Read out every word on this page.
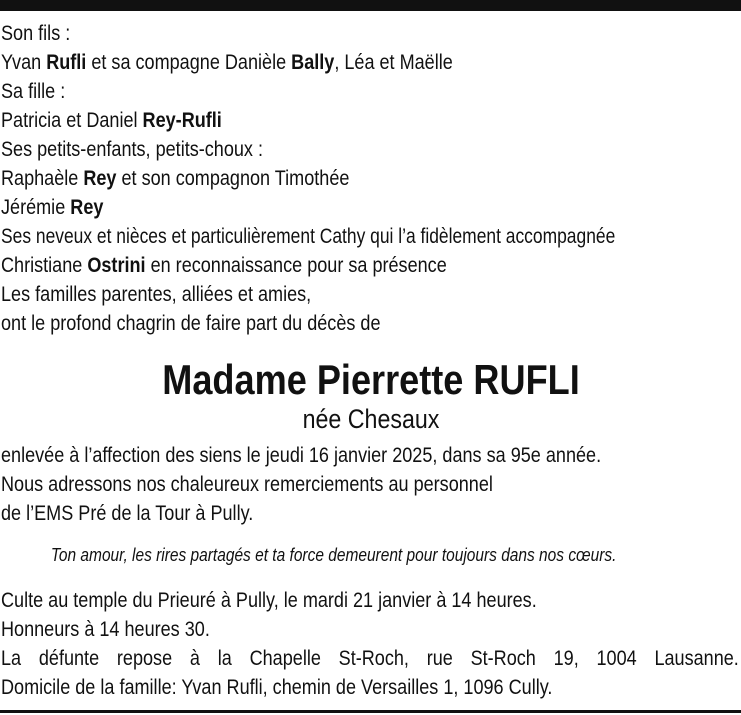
Son fils :
Yvan Rufli et sa compagne Danièle Bally, Léa et Maëlle
Sa fille :
Patricia et Daniel Rey-Rufli
Ses petits-enfants, petits-choux :
Raphaèle Rey et son compagnon Timothée
Jérémie Rey
Ses neveux et nièces et particulièrement Cathy qui l’a fidèlement accompagnée
Christiane Ostrini en reconnaissance pour sa présence
Les familles parentes, alliées et amies,
ont le profond chagrin de faire part du décès de
Madame Pierrette RUFLI
née Chesaux
enlevée à l’affection des siens le jeudi 16 janvier 2025, dans sa 95e année.
Nous adressons nos chaleureux remerciements au personnel
de l’EMS Pré de la Tour à Pully.
Ton amour, les rires partagés et ta force demeurent pour toujours dans nos cœurs.
Culte au temple du Prieuré à Pully, le mardi 21 janvier à 14 heures.
Honneurs à 14 heures 30.
La défunte repose à la Chapelle St-Roch, rue St-Roch 19, 1004 Lausanne.
Domicile de la famille: Yvan Rufli, chemin de Versailles 1, 1096 Cully.
